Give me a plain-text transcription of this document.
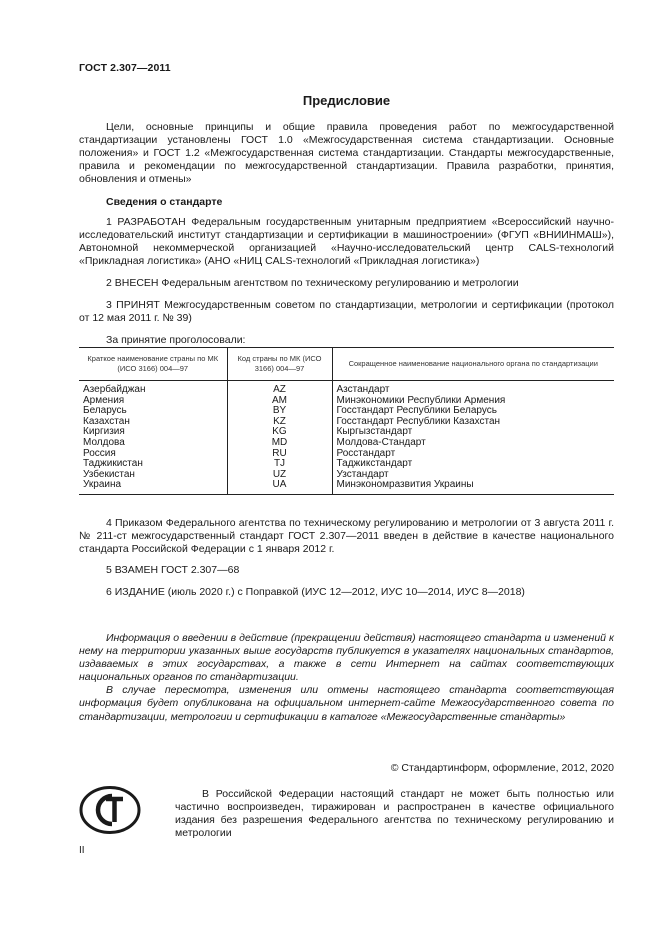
ГОСТ 2.307—2011
Предисловие

Цели, основные принципы и общие правила проведения работ по межгосударственной стандартизации установлены ГОСТ 1.0 «Межгосударственная система стандартизации. Основные положения» и ГОСТ 1.2 «Межгосударственная система стандартизации. Стандарты межгосударственные, правила и рекомендации по межгосударственной стандартизации. Правила разработки, принятия, обновления и отмены»

Сведения о стандарте

1 РАЗРАБОТАН Федеральным государственным унитарным предприятием «Всероссийский научно-исследовательский институт стандартизации и сертификации в машиностроении» (ФГУП «ВНИИНМАШ»), Автономной некоммерческой организацией «Научно-исследовательский центр CALS-технологий «Прикладная логистика» (АНО «НИЦ CALS-технологий «Прикладная логистика»)

2 ВНЕСЕН Федеральным агентством по техническому регулированию и метрологии

3 ПРИНЯТ Межгосударственным советом по стандартизации, метрологии и сертификации (протокол от 12 мая 2011 г. № 39)

За принятие проголосовали:

Краткое наименование страны по МК (ИСО 3166) 004—97	Код страны по МК (ИСО 3166) 004—97	Сокращенное наименование национального органа по стандартизации
Азербайджан	AZ	Азстандарт
Армения	AM	Минэкономики Республики Армения
Беларусь	BY	Госстандарт Республики Беларусь
Казахстан	KZ	Госстандарт Республики Казахстан
Киргизия	KG	Кыргызстандарт
Молдова	MD	Молдова-Стандарт
Россия	RU	Росстандарт
Таджикистан	TJ	Таджикстандарт
Узбекистан	UZ	Узстандарт
Украина	UA	Минэкономразвития Украины

4 Приказом Федерального агентства по техническому регулированию и метрологии от 3 августа 2011 г. № 211-ст межгосударственный стандарт ГОСТ 2.307—2011 введен в действие в качестве национального стандарта Российской Федерации с 1 января 2012 г.

5 ВЗАМЕН ГОСТ 2.307—68

6 ИЗДАНИЕ (июль 2020 г.) с Поправкой (ИУС 12—2012, ИУС 10—2014, ИУС 8—2018)

Информация о введении в действие (прекращении действия) настоящего стандарта и изменений к нему на территории указанных выше государств публикуется в указателях национальных стандартов, издаваемых в этих государствах, а также в сети Интернет на сайтах соответствующих национальных органов по стандартизации.

В случае пересмотра, изменения или отмены настоящего стандарта соответствующая информация будет опубликована на официальном интернет-сайте Межгосударственного совета по стандартизации, метрологии и сертификации в каталоге «Межгосударственные стандарты»

© Стандартинформ, оформление, 2012, 2020
В Российской Федерации настоящий стандарт не может быть полностью или частично воспроизведен, тиражирован и распространен в качестве официального издания без разрешения Федерального агентства по техническому регулированию и метрологии
II
